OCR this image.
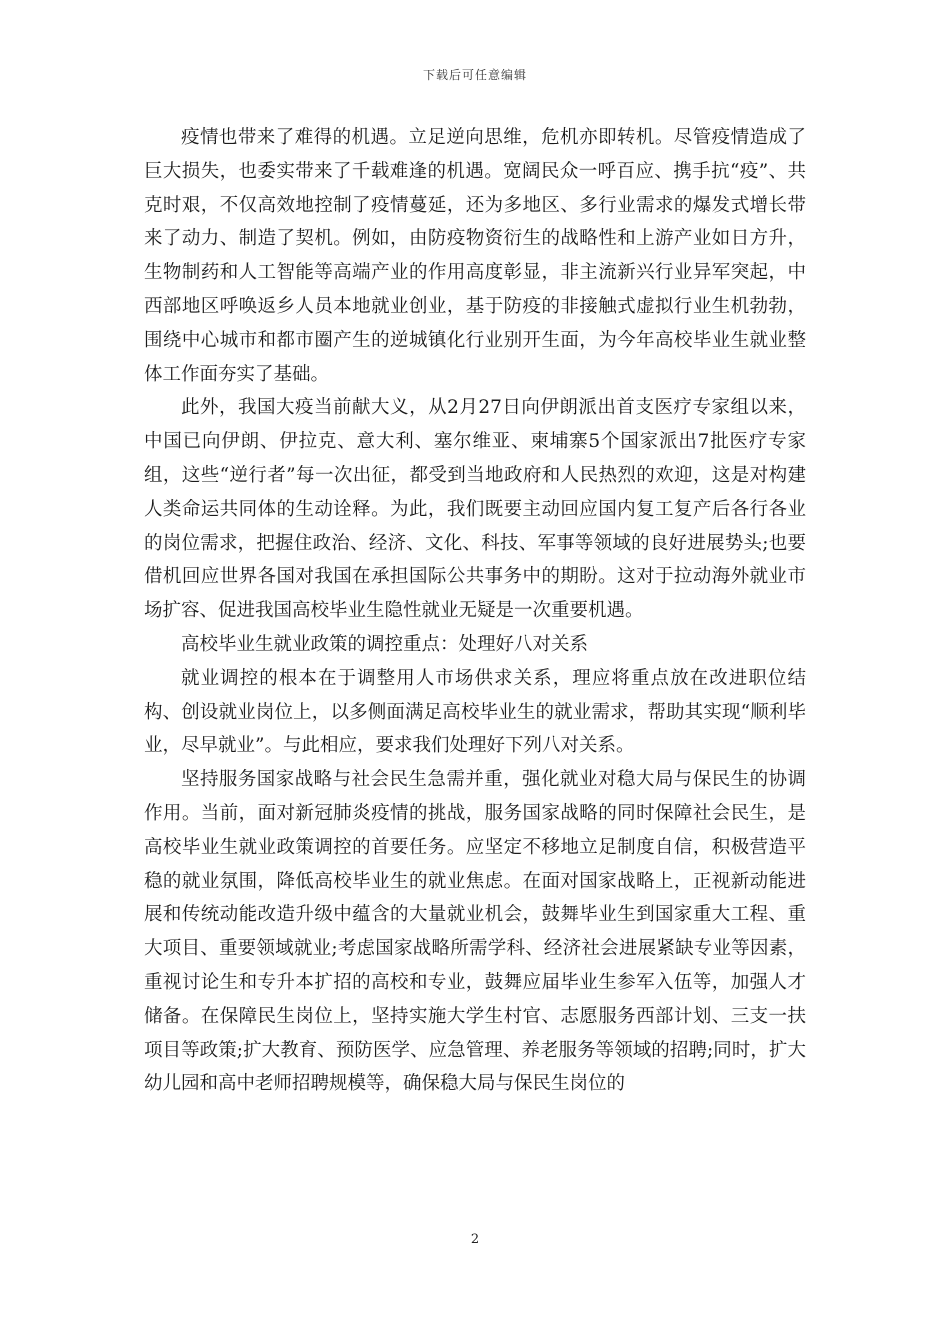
下载后可任意编辑

疫情也带来了难得的机遇。立足逆向思维，危机亦即转机。尽管疫情造成了巨大损失，也委实带来了千载难逢的机遇。宽阔民众一呼百应、携手抗“疫”、共克时艰，不仅高效地控制了疫情蔓延，还为多地区、多行业需求的爆发式增长带来了动力、制造了契机。例如，由防疫物资衍生的战略性和上游产业如日方升，生物制药和人工智能等高端产业的作用高度彰显，非主流新兴行业异军突起，中西部地区呼唤返乡人员本地就业创业，基于防疫的非接触式虚拟行业生机勃勃，围绕中心城市和都市圈产生的逆城镇化行业别开生面，为今年高校毕业生就业整体工作面夯实了基础。

此外，我国大疫当前献大义，从2月27日向伊朗派出首支医疗专家组以来，中国已向伊朗、伊拉克、意大利、塞尔维亚、柬埔寨5个国家派出7批医疗专家组，这些“逆行者”每一次出征，都受到当地政府和人民热烈的欢迎，这是对构建人类命运共同体的生动诠释。为此，我们既要主动回应国内复工复产后各行各业的岗位需求，把握住政治、经济、文化、科技、军事等领域的良好进展势头;也要借机回应世界各国对我国在承担国际公共事务中的期盼。这对于拉动海外就业市场扩容、促进我国高校毕业生隐性就业无疑是一次重要机遇。

高校毕业生就业政策的调控重点：处理好八对关系

就业调控的根本在于调整用人市场供求关系，理应将重点放在改进职位结构、创设就业岗位上，以多侧面满足高校毕业生的就业需求，帮助其实现“顺利毕业，尽早就业”。与此相应，要求我们处理好下列八对关系。

坚持服务国家战略与社会民生急需并重，强化就业对稳大局与保民生的协调作用。当前，面对新冠肺炎疫情的挑战，服务国家战略的同时保障社会民生，是高校毕业生就业政策调控的首要任务。应坚定不移地立足制度自信，积极营造平稳的就业氛围，降低高校毕业生的就业焦虑。在面对国家战略上，正视新动能进展和传统动能改造升级中蕴含的大量就业机会，鼓舞毕业生到国家重大工程、重大项目、重要领域就业;考虑国家战略所需学科、经济社会进展紧缺专业等因素，重视讨论生和专升本扩招的高校和专业，鼓舞应届毕业生参军入伍等，加强人才储备。在保障民生岗位上，坚持实施大学生村官、志愿服务西部计划、三支一扶项目等政策;扩大教育、预防医学、应急管理、养老服务等领域的招聘;同时，扩大幼儿园和高中老师招聘规模等，确保稳大局与保民生岗位的

2
